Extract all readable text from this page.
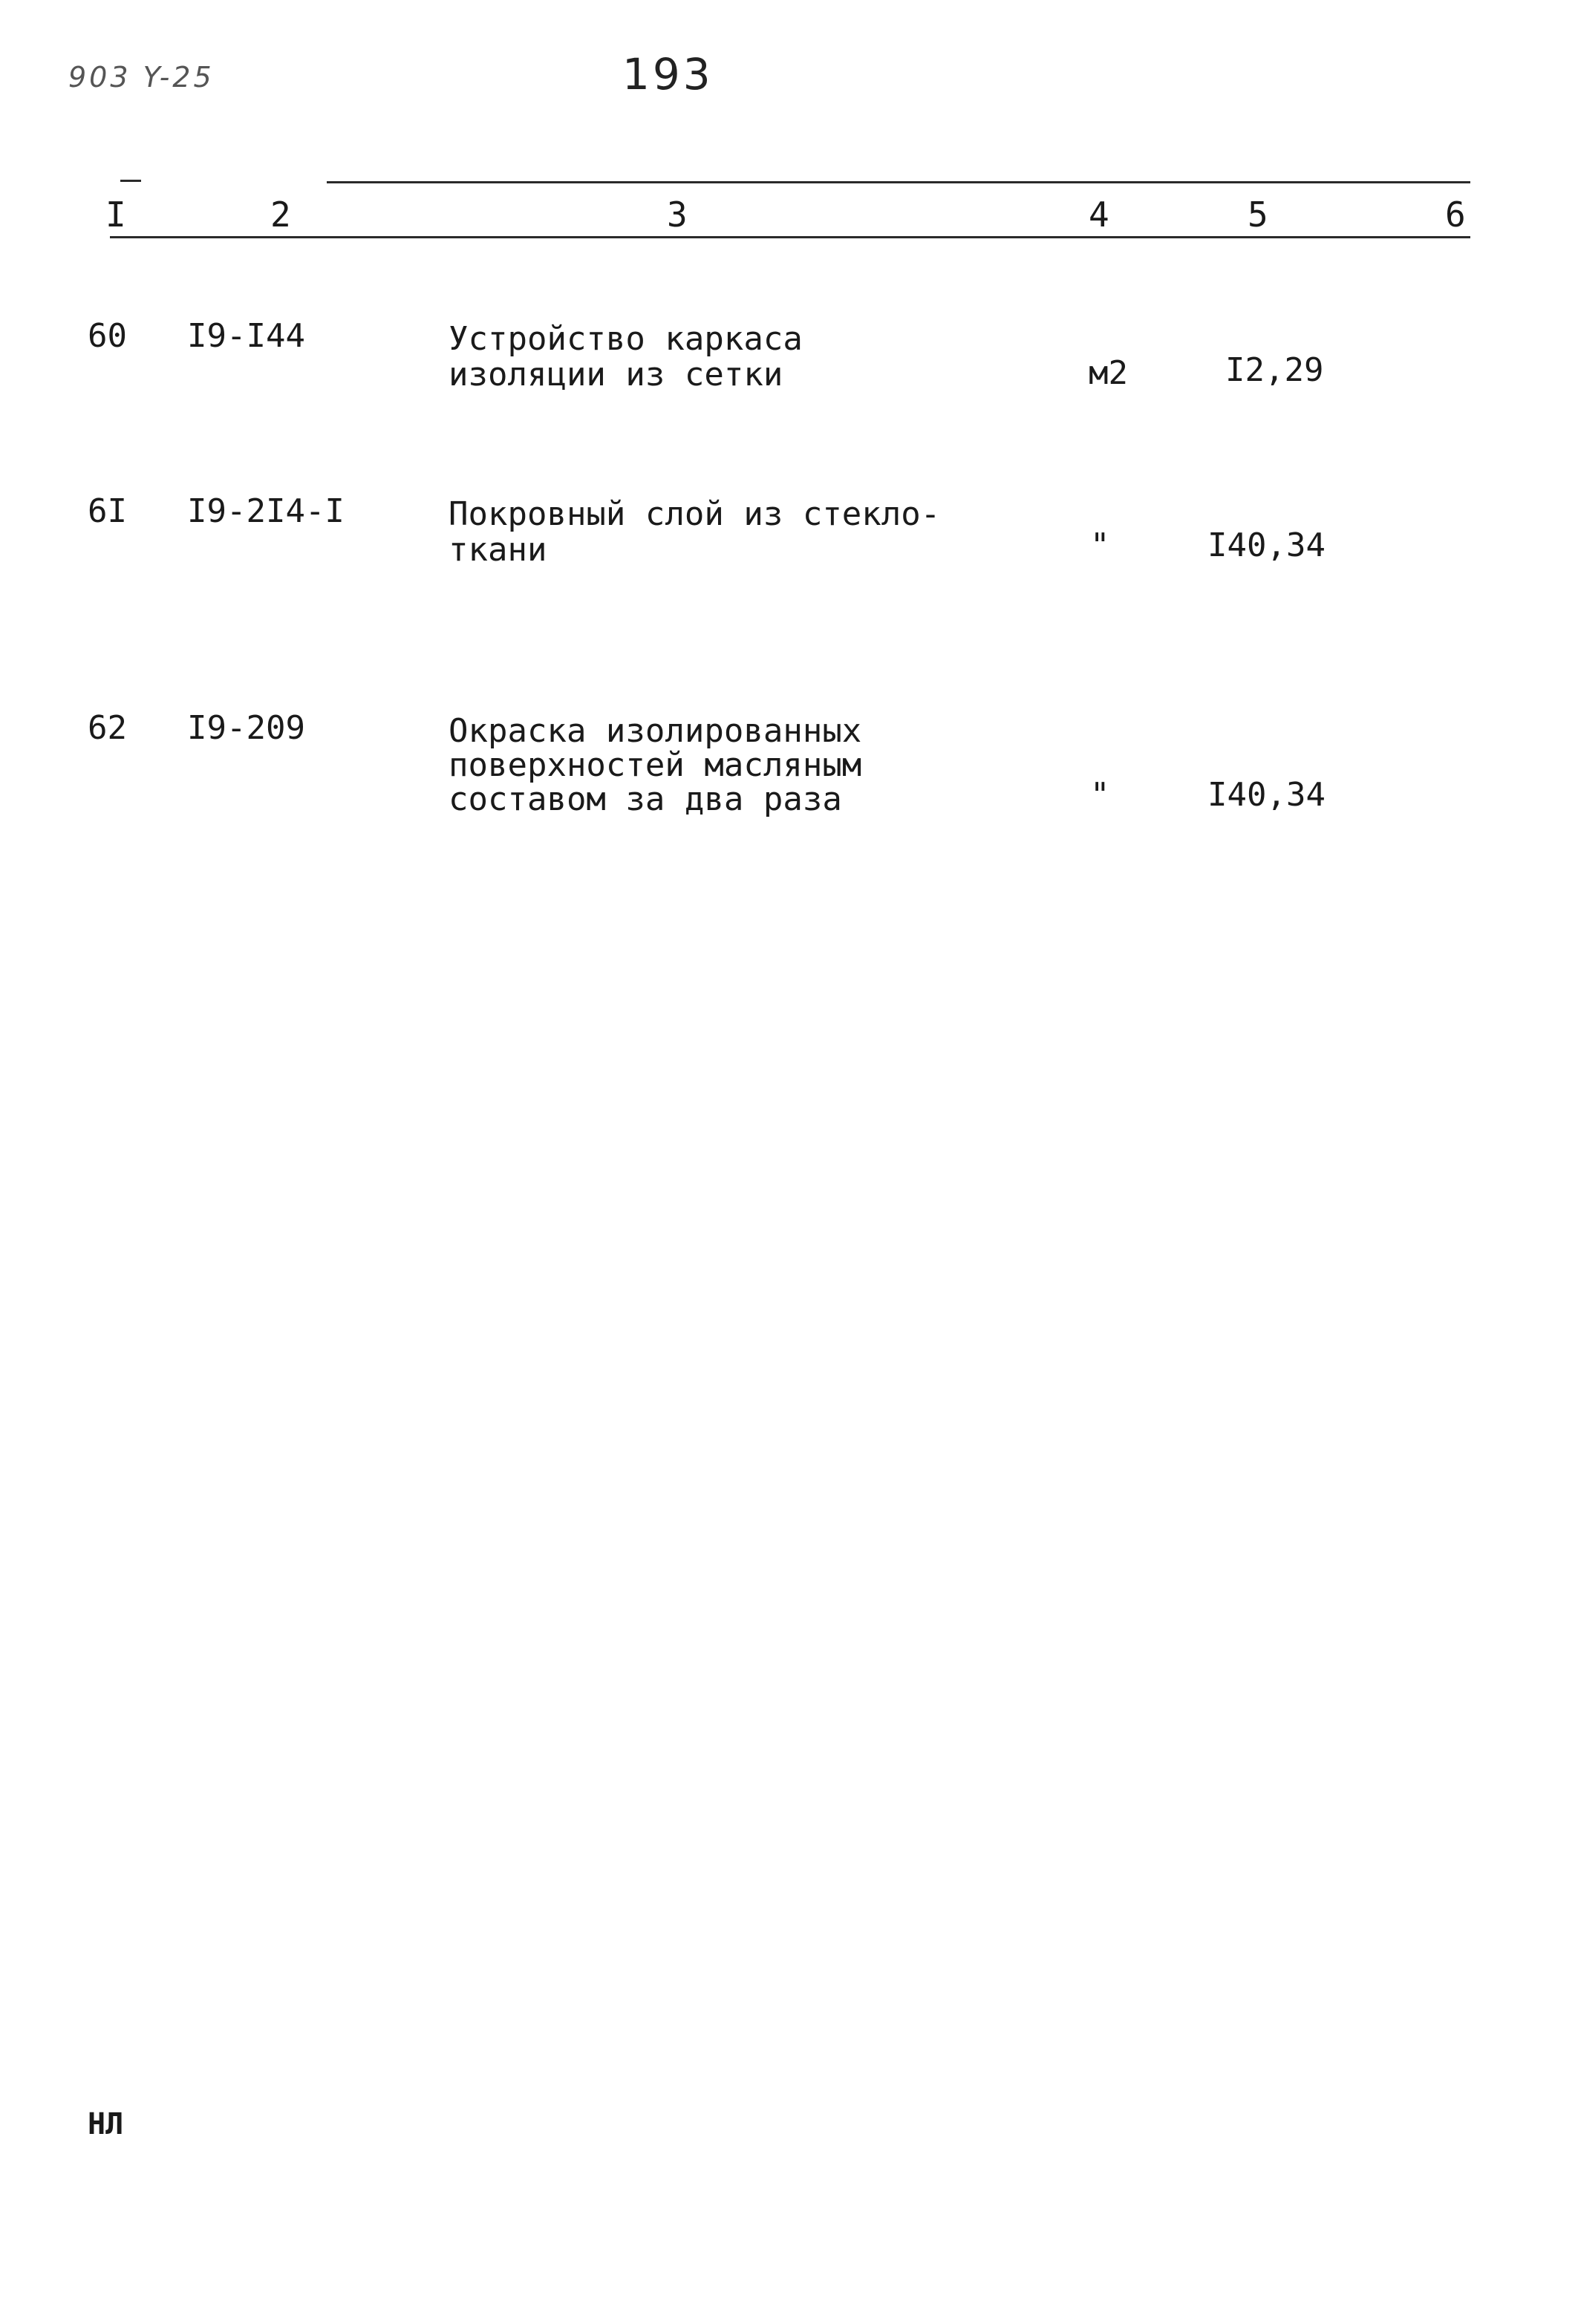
903 Y-25	193
I	2	3	4	5	6
60 I9-I44	Устройство каркаса
изоляции из сетки	м2	I2,29
6I I9-2I4-I	Покровный слой из стекло-
ткани	"	I40,34
62 I9-209	Окраска изолированных
поверхностей масляным
составом за два раза	"	I40,34
НЛ
